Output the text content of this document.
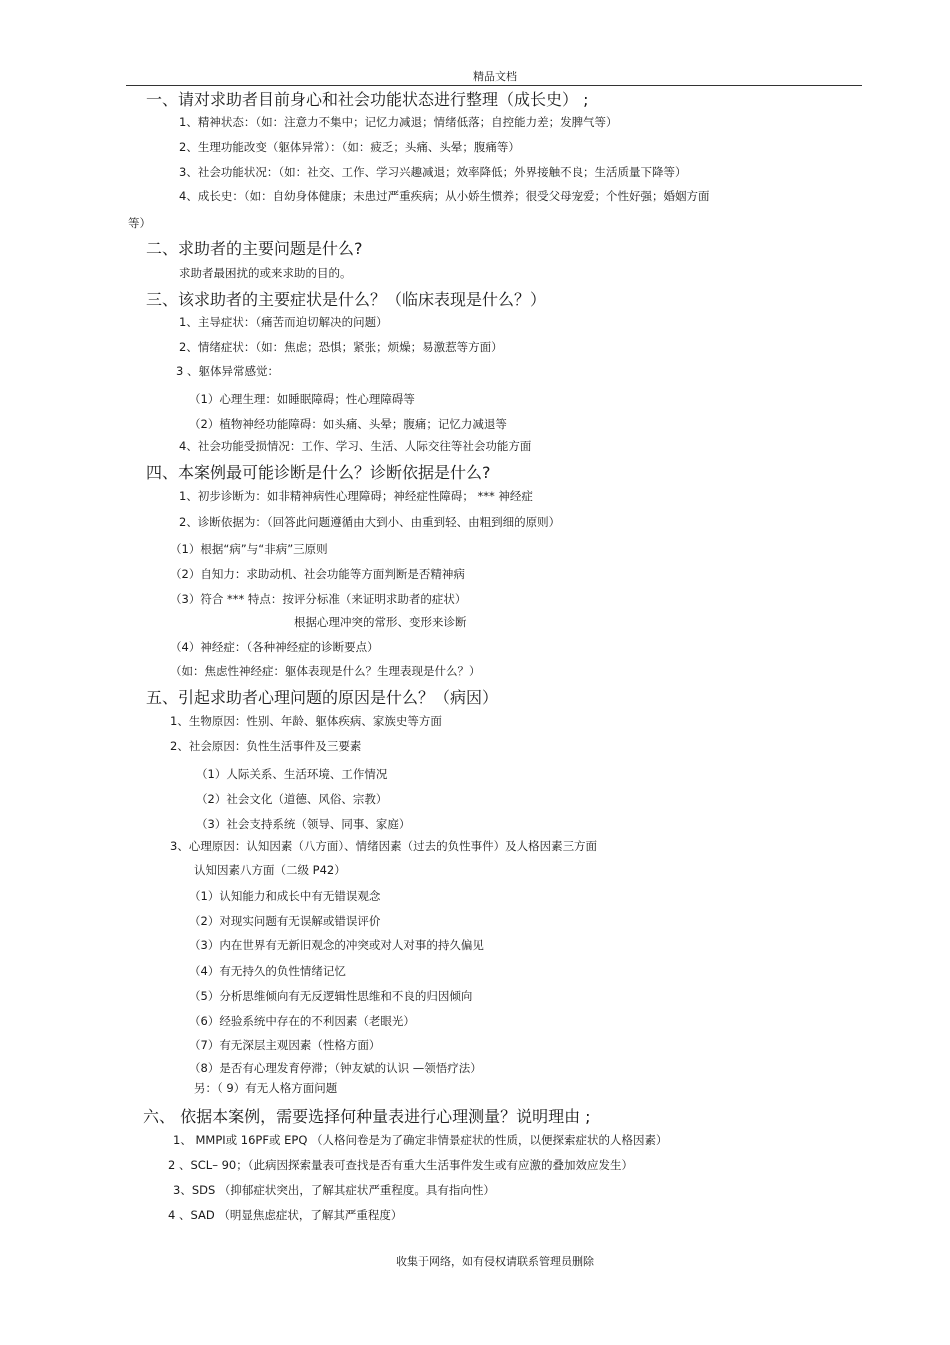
精品文档
一、请对求助者目前身心和社会功能状态进行整理（成长史） ;
1、精神状态：（如：注意力不集中；记忆力减退；情绪低落；自控能力差；发脾气等）
2、生理功能改变（躯体异常）：（如：疲乏；头痛、头晕；腹痛等）
3、社会功能状况：（如：社交、工作、学习兴趣减退；效率降低；外界接触不良；生活质量下降等）
4、成长史：（如：自幼身体健康；未患过严重疾病；从小娇生惯养；很受父母宠爱；个性好强；婚姻方面
等）
二、求助者的主要问题是什么?
求助者最困扰的或来求助的目的。
三、该求助者的主要症状是什么？（临床表现是什么？）
1、主导症状：（痛苦而迫切解决的问题）
2、情绪症状：（如：焦虑；恐惧；紧张；烦燥；易激惹等方面）
3 、躯体异常感觉：
（1）心理生理：如睡眠障碍；性心理障碍等
（2）植物神经功能障碍：如头痛、头晕；腹痛；记忆力减退等
4、社会功能受损情况：工作、学习、生活、人际交往等社会功能方面
四、本案例最可能诊断是什么？诊断依据是什么?
1、初步诊断为：如非精神病性心理障碍；神经症性障碍； *** 神经症
2、诊断依据为：（回答此问题遵循由大到小、由重到轻、由粗到细的原则）
（1）根据“病”与“非病”三原则
（2）自知力：求助动机、社会功能等方面判断是否精神病
（3）符合 *** 特点：按评分标准（来证明求助者的症状）
根据心理冲突的常形、变形来诊断
（4）神经症：（各种神经症的诊断要点）
（如：焦虑性神经症：躯体表现是什么？生理表现是什么？）
五、引起求助者心理问题的原因是什么？（病因）
1、生物原因：性别、年龄、躯体疾病、家族史等方面
2、社会原因：负性生活事件及三要素
（1）人际关系、生活环境、工作情况
（2）社会文化（道德、风俗、宗教）
（3）社会支持系统（领导、同事、家庭）
3、心理原因：认知因素（八方面）、情绪因素（过去的负性事件）及人格因素三方面
认知因素八方面（二级 P42）
（1）认知能力和成长中有无错误观念
（2）对现实问题有无误解或错误评价
（3）内在世界有无新旧观念的冲突或对人对事的持久偏见
（4）有无持久的负性情绪记忆
（5）分析思维倾向有无反逻辑性思维和不良的归因倾向
（6）经验系统中存在的不利因素（老眼光）
（7）有无深层主观因素（性格方面）
（8）是否有心理发育停滞；（钟友斌的认识 —领悟疗法）
另：（ 9）有无人格方面问题
六、 依据本案例，需要选择何种量表进行心理测量？说明理由 ;
1、 MMPI或 16PF或 EPQ （人格问卷是为了确定非情景症状的性质，以便探索症状的人格因素）
2 、SCL– 90；（此病因探索量表可查找是否有重大生活事件发生或有应激的叠加效应发生）
3、SDS （抑郁症状突出，了解其症状严重程度。具有指向性）
4 、SAD （明显焦虑症状，了解其严重程度）
收集于网络，如有侵权请联系管理员删除
